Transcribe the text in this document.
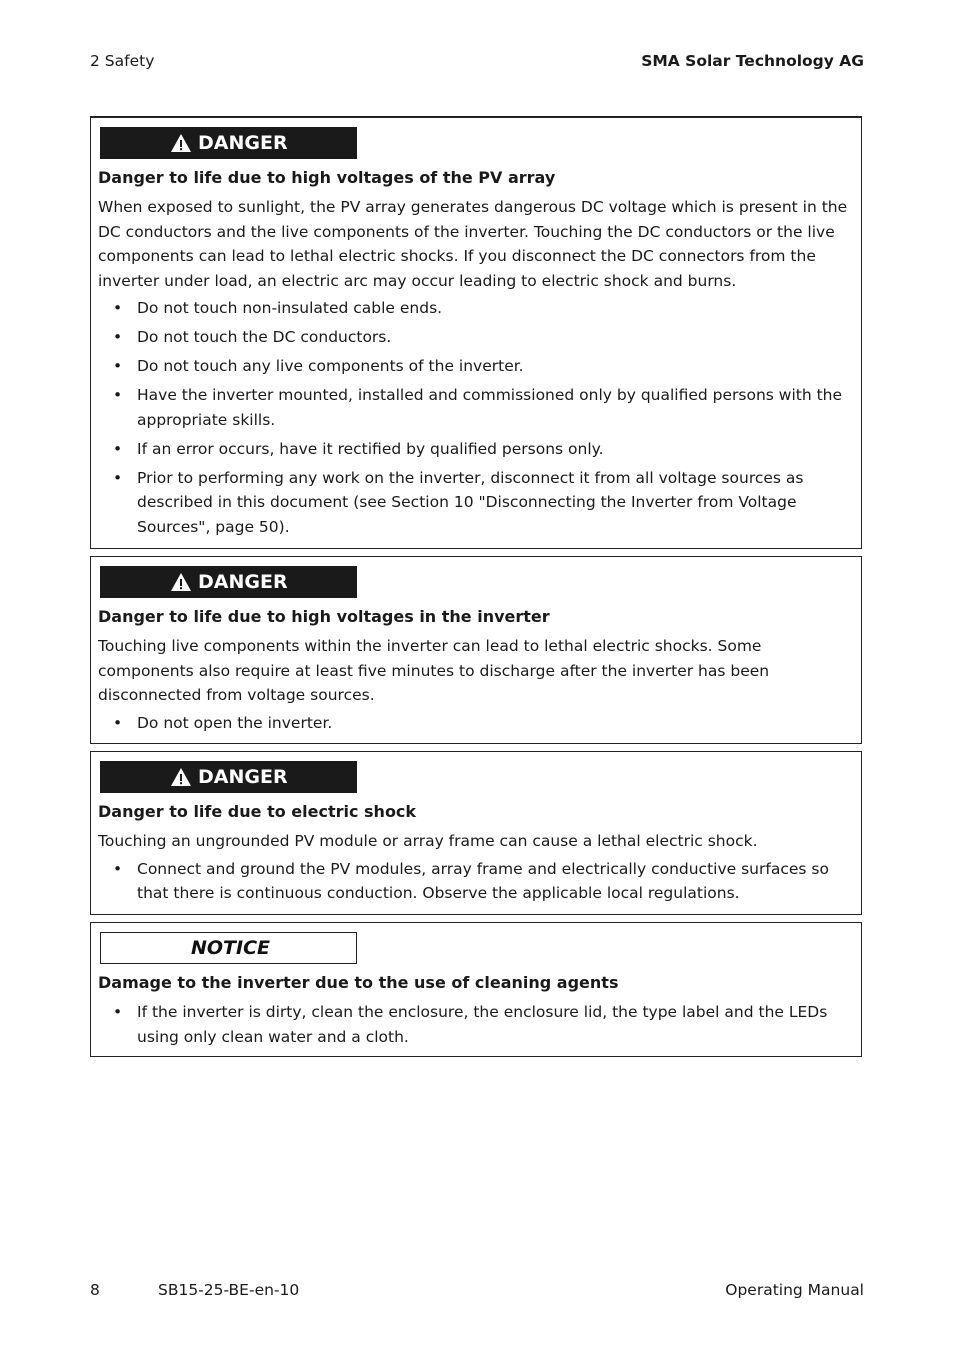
2 Safety	SMA Solar Technology AG
DANGER
Danger to life due to high voltages of the PV array
When exposed to sunlight, the PV array generates dangerous DC voltage which is present in the DC conductors and the live components of the inverter. Touching the DC conductors or the live components can lead to lethal electric shocks. If you disconnect the DC connectors from the inverter under load, an electric arc may occur leading to electric shock and burns.
• Do not touch non-insulated cable ends.
• Do not touch the DC conductors.
• Do not touch any live components of the inverter.
• Have the inverter mounted, installed and commissioned only by qualified persons with the appropriate skills.
• If an error occurs, have it rectified by qualified persons only.
• Prior to performing any work on the inverter, disconnect it from all voltage sources as described in this document (see Section 10 "Disconnecting the Inverter from Voltage Sources", page 50).
DANGER
Danger to life due to high voltages in the inverter
Touching live components within the inverter can lead to lethal electric shocks. Some components also require at least five minutes to discharge after the inverter has been disconnected from voltage sources.
• Do not open the inverter.
DANGER
Danger to life due to electric shock
Touching an ungrounded PV module or array frame can cause a lethal electric shock.
• Connect and ground the PV modules, array frame and electrically conductive surfaces so that there is continuous conduction. Observe the applicable local regulations.
NOTICE
Damage to the inverter due to the use of cleaning agents
• If the inverter is dirty, clean the enclosure, the enclosure lid, the type label and the LEDs using only clean water and a cloth.
8	SB15-25-BE-en-10	Operating Manual
